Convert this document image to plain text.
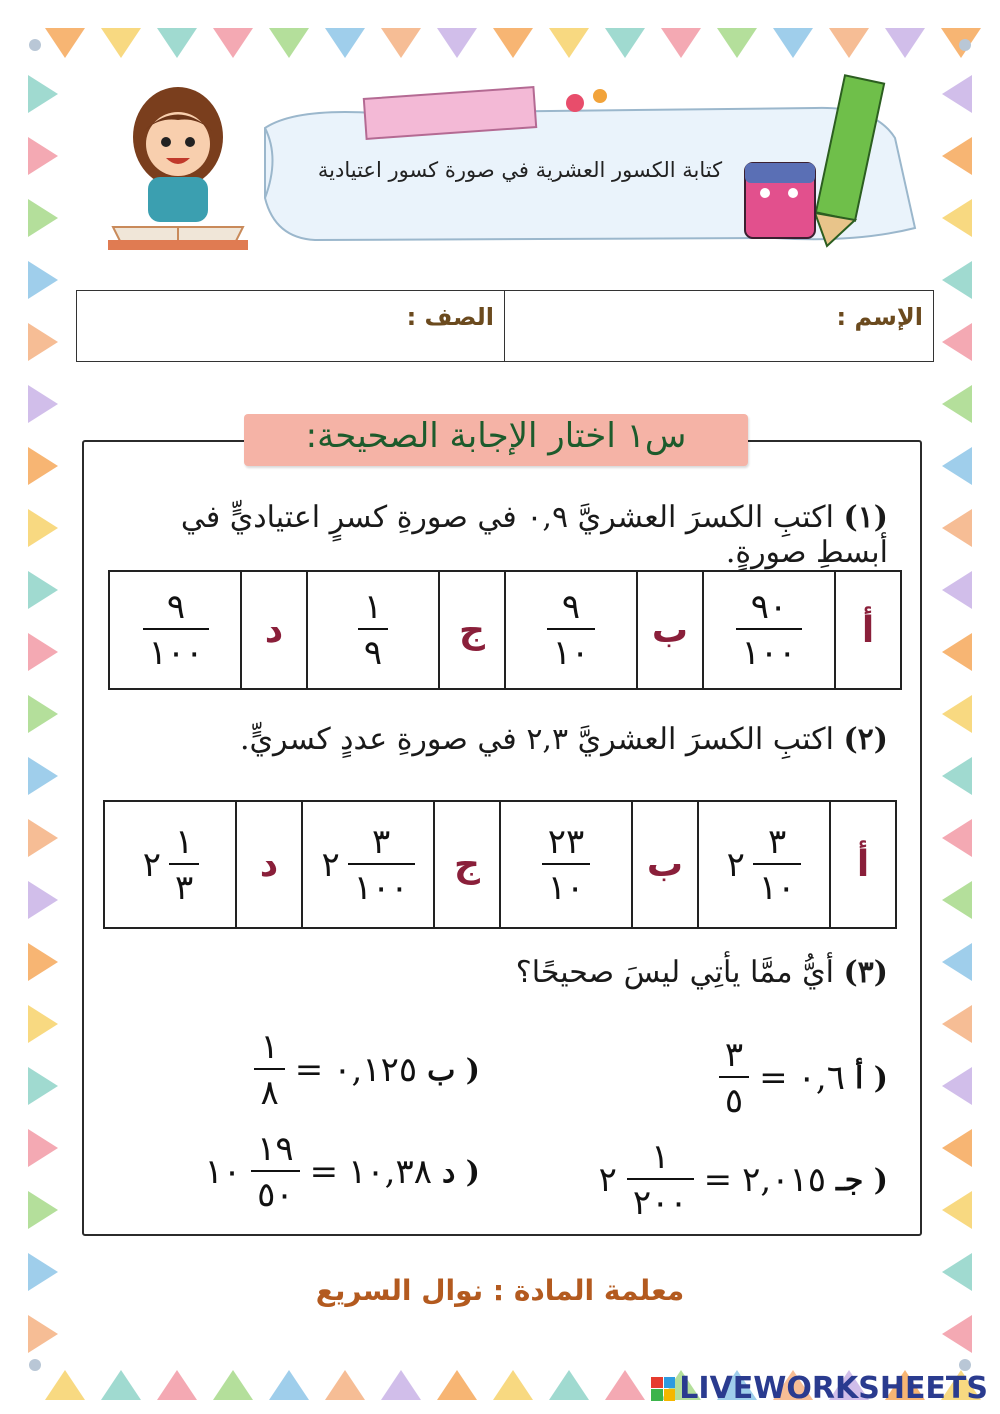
كتابة الكسور العشرية في صورة كسور اعتيادية
الصف :	الإسم :
س١ اختار الإجابة الصحيحة:
(١) اكتبِ الكسرَ العشريَّ ٠,٩ في صورةِ كسرٍ اعتياديٍّ في أبسطِ صورةٍ.
أ
$\frac{٩٠}{١٠٠}$
ب
$\frac{٩}{١٠}$
ج
$\frac{١}{٩}$
د
$\frac{٩}{١٠٠}$
(٢) اكتبِ الكسرَ العشريَّ ٢,٣ في صورةِ عددٍ كسريٍّ.
أ
$\frac{٣}{١٠}$
٢
ب
$\frac{٢٣}{١٠}$
ج
$\frac{٣}{١٠٠}$
٢
د
$\frac{١}{٣}$
٢
(٣) أيُّ ممَّا يأتِي ليسَ صحيحًا؟
أ )
٠,٦
=
$\frac{٣}{٥}$
ب )
٠,١٢٥
=
$\frac{١}{٨}$
جـ )
٢,٠١٥
=
$\frac{١}{٢٠٠}$
٢
د )
١٠,٣٨
=
$\frac{١٩}{٥٠}$
١٠
معلمة المادة : نوال السريع
LIVEWORKSHEETS
